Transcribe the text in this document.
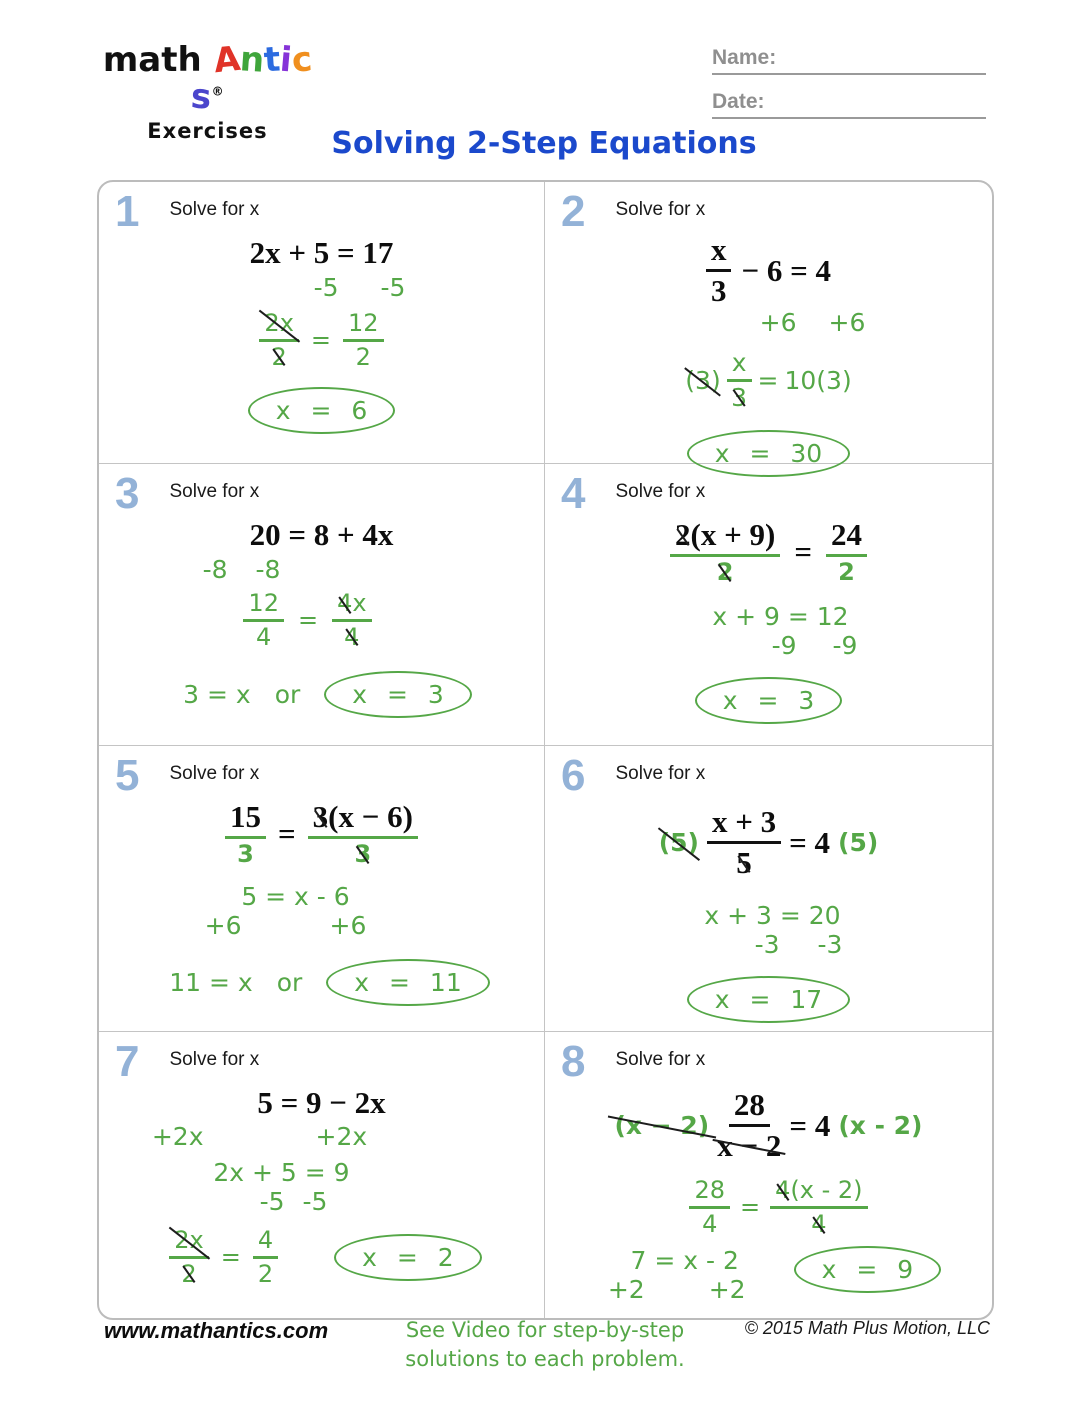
math Antics®
Exercises
Name:
Date:
Solving 2-Step Equations
1 Solve for x
2x + 5 = 17
-5 -5
$\frac{2x}{2} = \frac{12}{2}$
x = 6
2 Solve for x
$\frac{x}{3} - 6 = 4$
+6 +6
$(3) \frac{x}{3} = 10(3)$
x = 30
3 Solve for x
20 = 8 + 4x
-8 -8
$\frac{12}{4} = \frac{4x}{4}$
3 = x or	x = 3
4 Solve for x
$\frac{2(x + 9)}{2} = \frac{24}{2}$
x + 9 = 12
-9 -9
x = 3
5 Solve for x
$\frac{15}{3} = \frac{3(x - 6)}{3}$
5 = x - 6
+6	+6
11 = x or	x = 11
6 Solve for x
$(5) \frac{x + 3}{5} = 4$ (5)
x + 3 = 20
-3 -3
x = 17
7 Solve for x
5 = 9 − 2x
+2x	+2x
2x + 5 = 9
-5 -5
$\frac{2x}{2} = \frac{4}{2}$	x = 2
8 Solve for x
$(x - 2) \frac{28}{x - 2} = 4$ (x - 2)
$\frac{28}{4} = \frac{4(x - 2)}{4}$
7 = x - 2
+2	+2
x = 9
www.mathantics.com	See Video for step-by-step
solutions to each problem.
© 2015 Math Plus Motion, LLC
